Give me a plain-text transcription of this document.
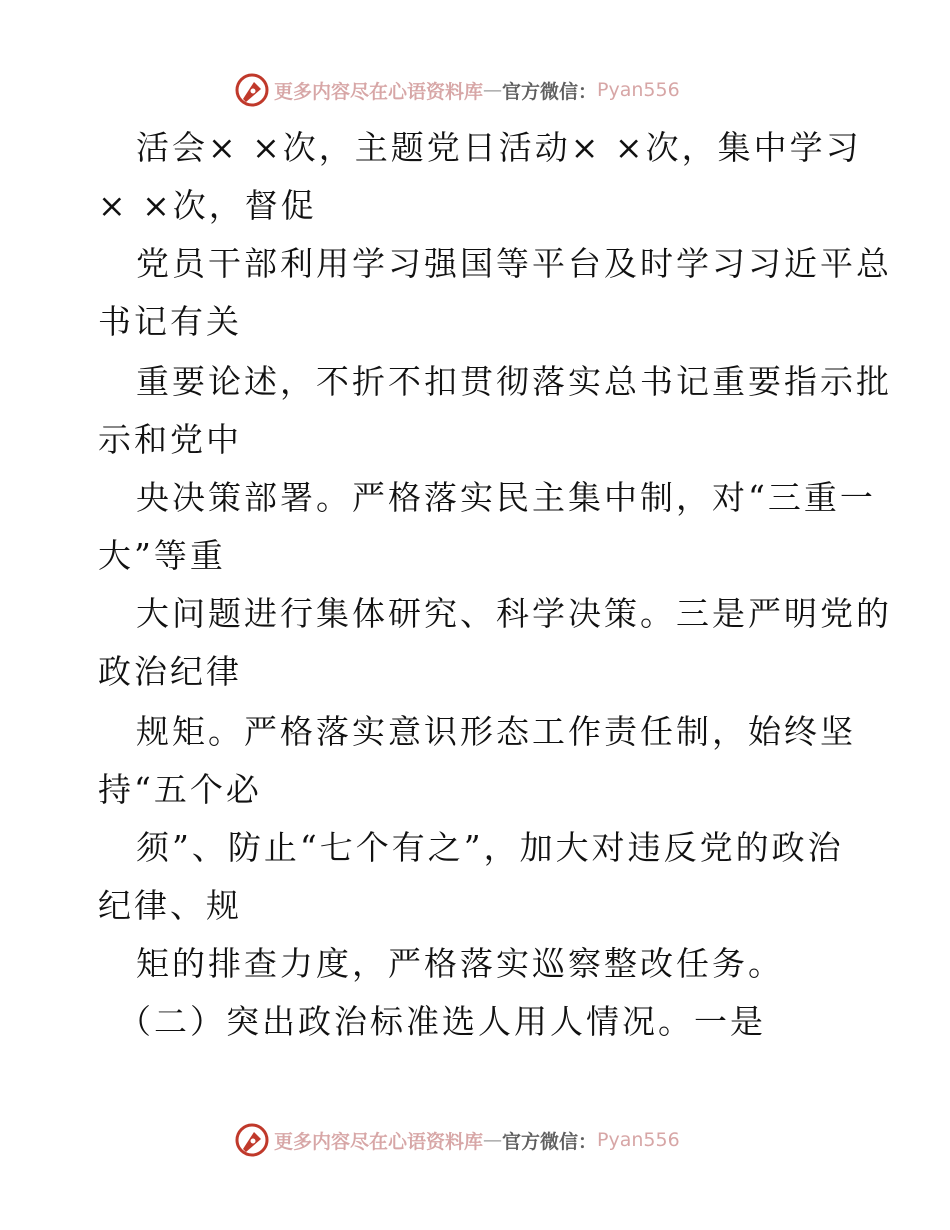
更多内容尽在心语资料库 — 官方微信： Pyan556
活会× ×次，主题党日活动× ×次，集中学习
× ×次，督促
党员干部利用学习强国等平台及时学习习近平总
书记有关
重要论述，不折不扣贯彻落实总书记重要指示批
示和党中
央决策部署。严格落实民主集中制，对“三重一
大”等重
大问题进行集体研究、科学决策。三是严明党的
政治纪律
规矩。严格落实意识形态工作责任制，始终坚
持“五个必
须”、防止“七个有之”，加大对违反党的政治
纪律、规
矩的排查力度，严格落实巡察整改任务。
（二）突出政治标准选人用人情况。一是
更多内容尽在心语资料库 — 官方微信： Pyan556
